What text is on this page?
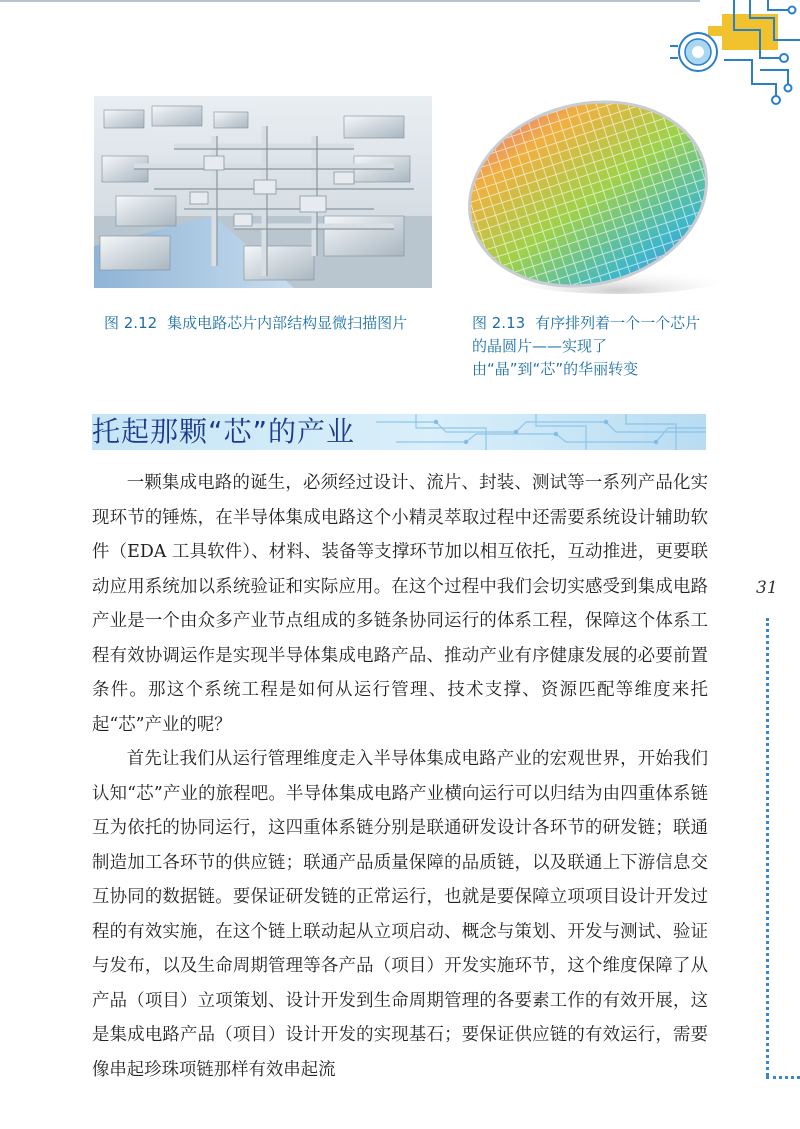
图 2.12 集成电路芯片内部结构显微扫描图片	图 2.13 有序排列着一个一个芯片的晶圆片——实现了由“晶”到“芯”的华丽转变
托起那颗“芯”的产业

一颗集成电路的诞生，必须经过设计、流片、封装、测试等一系列产品化实现环节的锤炼，在半导体集成电路这个小精灵萃取过程中还需要系统设计辅助软件（EDA 工具软件）、材料、装备等支撑环节加以相互依托，互动推进，更要联动应用系统加以系统验证和实际应用。在这个过程中我们会切实感受到集成电路产业是一个由众多产业节点组成的多链条协同运行的体系工程，保障这个体系工程有效协调运作是实现半导体集成电路产品、推动产业有序健康发展的必要前置条件。那这个系统工程是如何从运行管理、技术支撑、资源匹配等维度来托起“芯”产业的呢？

首先让我们从运行管理维度走入半导体集成电路产业的宏观世界，开始我们认知“芯”产业的旅程吧。半导体集成电路产业横向运行可以归结为由四重体系链互为依托的协同运行，这四重体系链分别是联通研发设计各环节的研发链；联通制造加工各环节的供应链；联通产品质量保障的品质链，以及联通上下游信息交互协同的数据链。要保证研发链的正常运行，也就是要保障立项项目设计开发过程的有效实施，在这个链上联动起从立项启动、概念与策划、开发与测试、验证与发布，以及生命周期管理等各产品（项目）开发实施环节，这个维度保障了从产品（项目）立项策划、设计开发到生命周期管理的各要素工作的有效开展，这是集成电路产品（项目）设计开发的实现基石；要保证供应链的有效运行，需要像串起珍珠项链那样有效串起流

31
